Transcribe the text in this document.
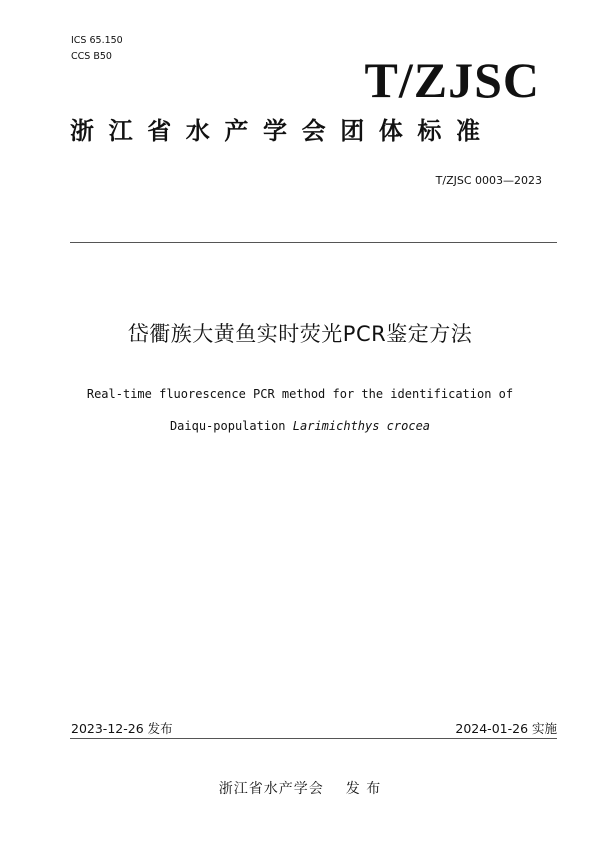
ICS 65.150
CCS B50	T/ZJSC
浙江省水产学会团体标准
T/ZJSC 0003—2023
岱衢族大黄鱼实时荧光PCR鉴定方法
Real-time fluorescence PCR method for the identification of
Daiqu-population Larimichthys crocea
2023-12-26 发布	2024-01-26 实施
浙江省水产学会 发 布
